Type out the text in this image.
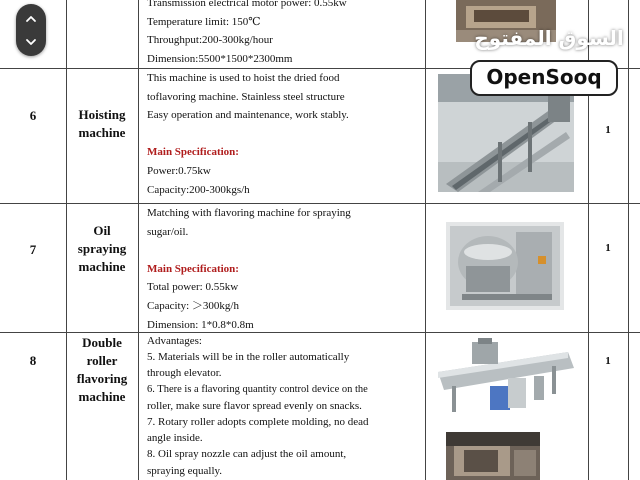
Transmission electrical motor power: 0.55kw

Temperature limit: 150℃

Throughput:200-300kg/hour

Dimension:5500*1500*2300mm

6	Hoisting
machine

This machine is used to hoist the dried food

toflavoring machine. Stainless steel structure

Easy operation and maintenance, work stably.

Main Specification:

Power:0.75kw

Capacity:200-300kgs/h

1
7
Oil
spraying
machine

Matching with flavoring machine for spraying

sugar/oil.

Main Specification:

Total power: 0.55kw

Capacity: ＞300kg/h

Dimension: 1*0.8*0.8m

1
8
Double
roller
flavoring
machine

Advantages:

5. Materials will be in the roller automatically

through elevator.

6. There is a flavoring quantity control device on the

roller, make sure flavor spread evenly on snacks.

7. Rotary roller adopts complete molding, no dead

angle inside.

8. Oil spray nozzle can adjust the oil amount,

spraying equally.

1
السوق المفتوح
OpenSooq
